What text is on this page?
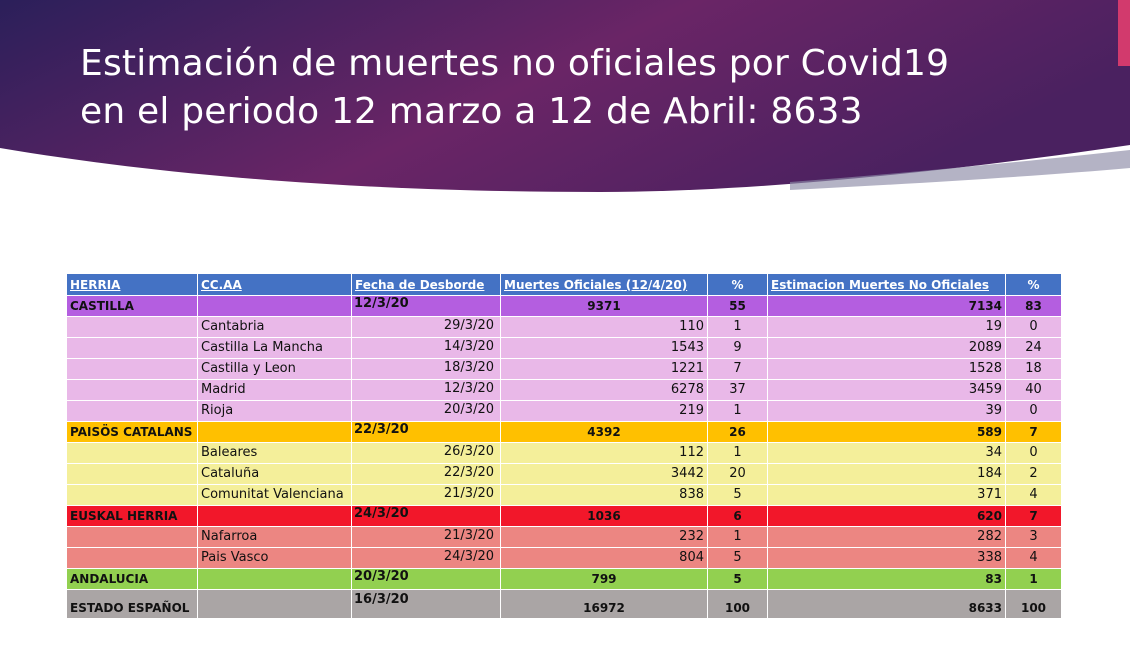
Estimación de muertes no oficiales por Covid19
en el periodo 12 marzo a 12 de Abril: 8633
HERRIA	CC.AA	Fecha de Desborde	Muertes Oficiales (12/4/20)	%	Estimacion Muertes No Oficiales	%
CASTILLA		12/3/20	9371	55	7134	83
	Cantabria	29/3/20	110	1	19	0
	Castilla La Mancha	14/3/20	1543	9	2089	24
	Castilla y Leon	18/3/20	1221	7	1528	18
	Madrid	12/3/20	6278	37	3459	40
	Rioja	20/3/20	219	1	39	0
PAISÖS CATALANS		22/3/20	4392	26	589	7
	Baleares	26/3/20	112	1	34	0
	Cataluña	22/3/20	3442	20	184	2
	Comunitat Valenciana	21/3/20	838	5	371	4
EUSKAL HERRIA		24/3/20	1036	6	620	7
	Nafarroa	21/3/20	232	1	282	3
	Pais Vasco	24/3/20	804	5	338	4
ANDALUCIA		20/3/20	799	5	83	1
ESTADO ESPAÑOL		16/3/20	16972	100	8633	100
